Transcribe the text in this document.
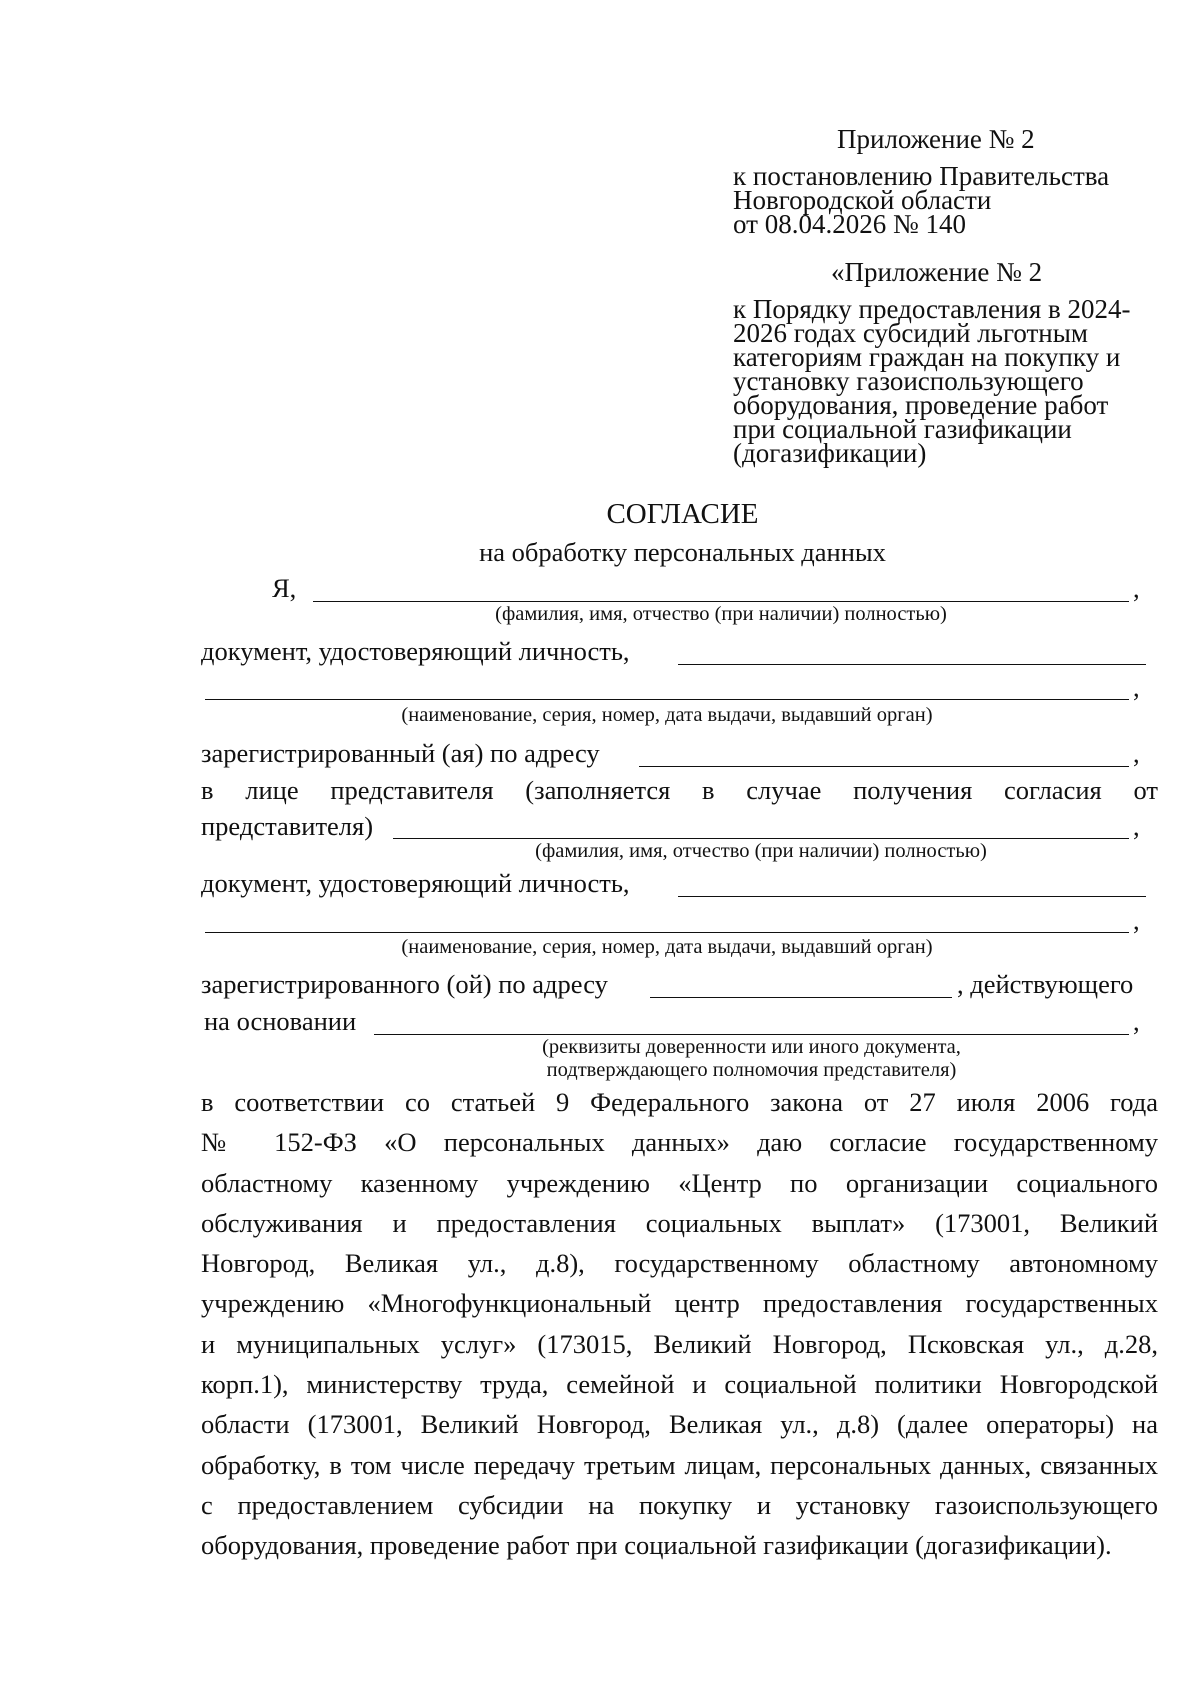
Приложение № 2
к постановлению Правительства
Новгородской области
от 08.04.2026 № 140
«Приложение № 2
к Порядку предоставления в 2024-
2026 годах субсидий льготным
категориям граждан на покупку и
установку газоиспользующего
оборудования, проведение работ
при социальной газификации
(догазификации)
СОГЛАСИЕ
на обработку персональных данных
Я,	,
(фамилия, имя, отчество (при наличии) полностью)
документ, удостоверяющий личность,
,
(наименование, серия, номер, дата выдачи, выдавший орган)
зарегистрированный (ая) по адресу	,
в лице представителя (заполняется в случае получения согласия от
представителя)	,
(фамилия, имя, отчество (при наличии) полностью)
документ, удостоверяющий личность,
,
(наименование, серия, номер, дата выдачи, выдавший орган)
зарегистрированного (ой) по адресу	, действующего
на основании	,
(реквизиты доверенности или иного документа,
подтверждающего полномочия представителя)

в соответствии со статьей 9 Федерального закона от 27 июля 2006 года

№ 152-ФЗ «О персональных данных» даю согласие государственному

областному казенному учреждению «Центр по организации социального

обслуживания и предоставления социальных выплат» (173001, Великий

Новгород, Великая ул., д.8), государственному областному автономному

учреждению «Многофункциональный центр предоставления государственных

и муниципальных услуг» (173015, Великий Новгород, Псковская ул., д.28,

корп.1), министерству труда, семейной и социальной политики Новгородской

области (173001, Великий Новгород, Великая ул., д.8) (далее операторы) на

обработку, в том числе передачу третьим лицам, персональных данных, связанных

с предоставлением субсидии на покупку и установку газоиспользующего

оборудования, проведение работ при социальной газификации (догазификации).
